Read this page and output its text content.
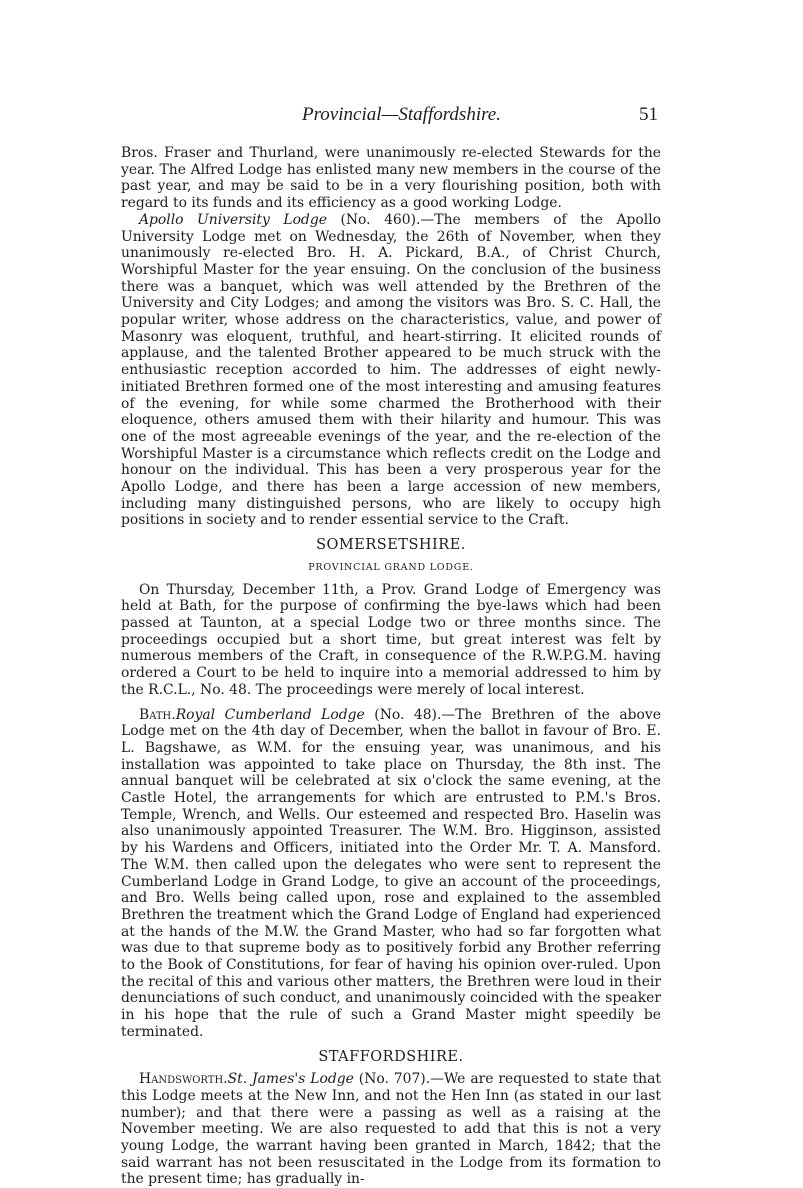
Provincial—Staffordshire.	51

Bros. Fraser and Thurland, were unanimously re-elected Stewards for the year. The Alfred Lodge has enlisted many new members in the course of the past year, and may be said to be in a very flourishing position, both with regard to its funds and its efficiency as a good working Lodge.

Apollo University Lodge (No. 460).—The members of the Apollo University Lodge met on Wednesday, the 26th of November, when they unanimously re-elected Bro. H. A. Pickard, B.A., of Christ Church, Worshipful Master for the year ensuing. On the conclusion of the business there was a banquet, which was well attended by the Brethren of the University and City Lodges; and among the visitors was Bro. S. C. Hall, the popular writer, whose address on the characteristics, value, and power of Masonry was eloquent, truthful, and heart-stirring. It elicited rounds of applause, and the talented Brother appeared to be much struck with the enthusiastic reception accorded to him. The addresses of eight newly-initiated Brethren formed one of the most interesting and amusing features of the evening, for while some charmed the Brotherhood with their eloquence, others amused them with their hilarity and humour. This was one of the most agreeable evenings of the year, and the re-election of the Worshipful Master is a circumstance which reflects credit on the Lodge and honour on the individual. This has been a very prosperous year for the Apollo Lodge, and there has been a large accession of new members, including many distinguished persons, who are likely to occupy high positions in society and to render essential service to the Craft.

SOMERSETSHIRE.
PROVINCIAL GRAND LODGE.

On Thursday, December 11th, a Prov. Grand Lodge of Emergency was held at Bath, for the purpose of confirming the bye-laws which had been passed at Taunton, at a special Lodge two or three months since. The proceedings occupied but a short time, but great interest was felt by numerous members of the Craft, in consequence of the R.W.P.G.M. having ordered a Court to be held to inquire into a memorial addressed to him by the R.C.L., No. 48. The proceedings were merely of local interest.

Bath.Royal Cumberland Lodge (No. 48).—The Brethren of the above Lodge met on the 4th day of December, when the ballot in favour of Bro. E. L. Bagshawe, as W.M. for the ensuing year, was unanimous, and his installation was appointed to take place on Thursday, the 8th inst. The annual banquet will be celebrated at six o'clock the same evening, at the Castle Hotel, the arrangements for which are entrusted to P.M.'s Bros. Temple, Wrench, and Wells. Our esteemed and respected Bro. Haselin was also unanimously appointed Treasurer. The W.M. Bro. Higginson, assisted by his Wardens and Officers, initiated into the Order Mr. T. A. Mansford. The W.M. then called upon the delegates who were sent to represent the Cumberland Lodge in Grand Lodge, to give an account of the proceedings, and Bro. Wells being called upon, rose and explained to the assembled Brethren the treatment which the Grand Lodge of England had experienced at the hands of the M.W. the Grand Master, who had so far forgotten what was due to that supreme body as to positively forbid any Brother referring to the Book of Constitutions, for fear of having his opinion over-ruled. Upon the recital of this and various other matters, the Brethren were loud in their denunciations of such conduct, and unanimously coincided with the speaker in his hope that the rule of such a Grand Master might speedily be terminated.

STAFFORDSHIRE.

Handsworth.St. James's Lodge (No. 707).—We are requested to state that this Lodge meets at the New Inn, and not the Hen Inn (as stated in our last number); and that there were a passing as well as a raising at the November meeting. We are also requested to add that this is not a very young Lodge, the warrant having been granted in March, 1842; that the said warrant has not been resuscitated in the Lodge from its formation to the present time; has gradually in-
